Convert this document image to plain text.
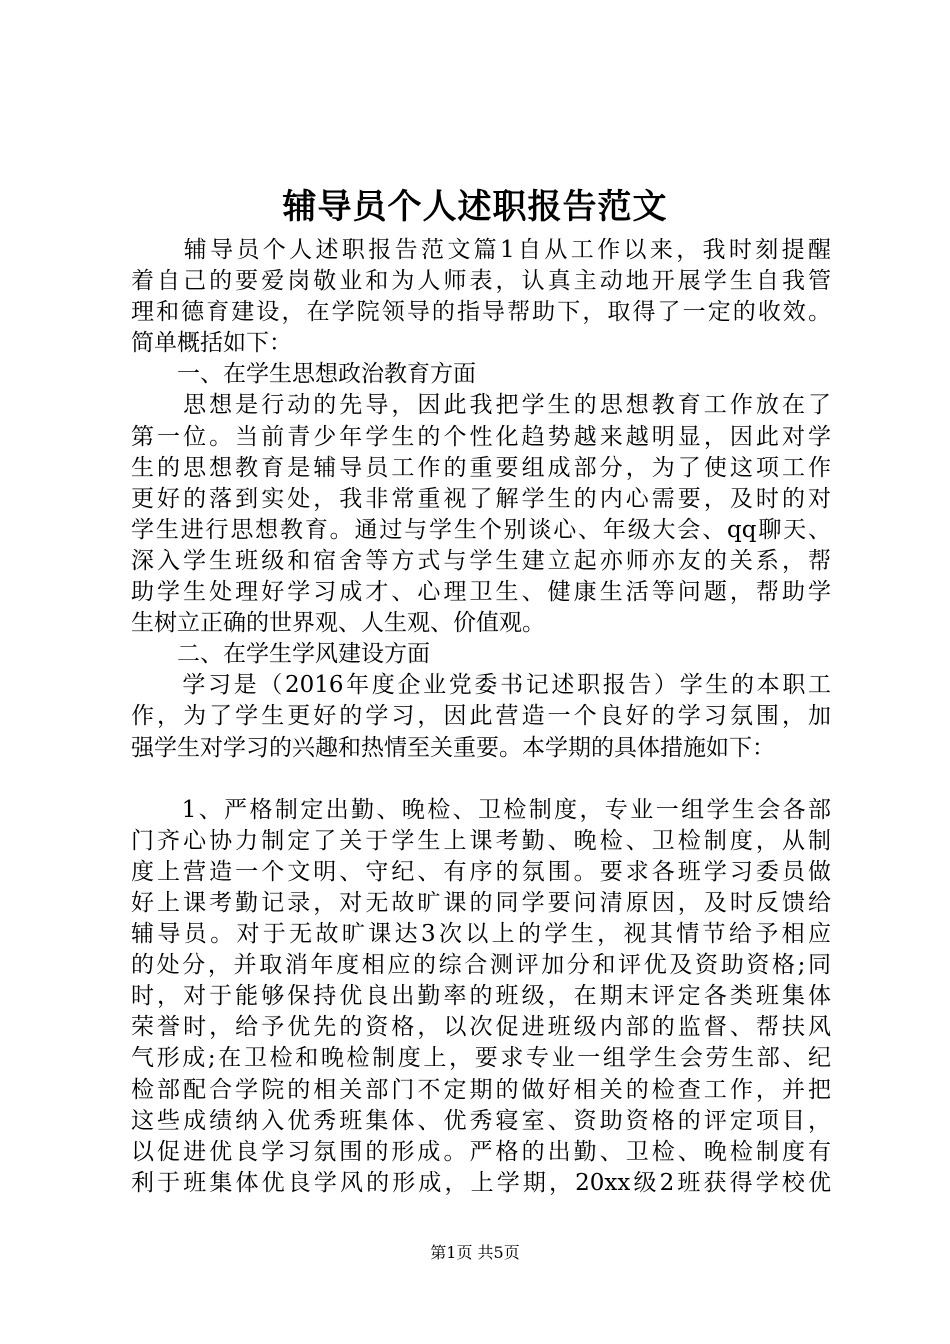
辅导员个人述职报告范文
　　辅导员个人述职报告范文篇1自从工作以来，我时刻提醒
着自己的要爱岗敬业和为人师表，认真主动地开展学生自我管
理和德育建设，在学院领导的指导帮助下，取得了一定的收效。
简单概括如下：
　　一、在学生思想政治教育方面
　　思想是行动的先导，因此我把学生的思想教育工作放在了
第一位。当前青少年学生的个性化趋势越来越明显，因此对学
生的思想教育是辅导员工作的重要组成部分，为了使这项工作
更好的落到实处，我非常重视了解学生的内心需要，及时的对
学生进行思想教育。通过与学生个别谈心、年级大会、qq聊天、
深入学生班级和宿舍等方式与学生建立起亦师亦友的关系，帮
助学生处理好学习成才、心理卫生、健康生活等问题，帮助学
生树立正确的世界观、人生观、价值观。
　　二、在学生学风建设方面
　　学习是（2016年度企业党委书记述职报告）学生的本职工
作，为了学生更好的学习，因此营造一个良好的学习氛围，加
强学生对学习的兴趣和热情至关重要。本学期的具体措施如下：
　　1、严格制定出勤、晚检、卫检制度，专业一组学生会各部
门齐心协力制定了关于学生上课考勤、晚检、卫检制度，从制
度上营造一个文明、守纪、有序的氛围。要求各班学习委员做
好上课考勤记录，对无故旷课的同学要问清原因，及时反馈给
辅导员。对于无故旷课达3次以上的学生，视其情节给予相应
的处分，并取消年度相应的综合测评加分和评优及资助资格;同
时，对于能够保持优良出勤率的班级，在期末评定各类班集体
荣誉时，给予优先的资格，以次促进班级内部的监督、帮扶风
气形成;在卫检和晚检制度上，要求专业一组学生会劳生部、纪
检部配合学院的相关部门不定期的做好相关的检查工作，并把
这些成绩纳入优秀班集体、优秀寝室、资助资格的评定项目，
以促进优良学习氛围的形成。严格的出勤、卫检、晚检制度有
利于班集体优良学风的形成，上学期，20xx级2班获得学校优
第1页 共5页
